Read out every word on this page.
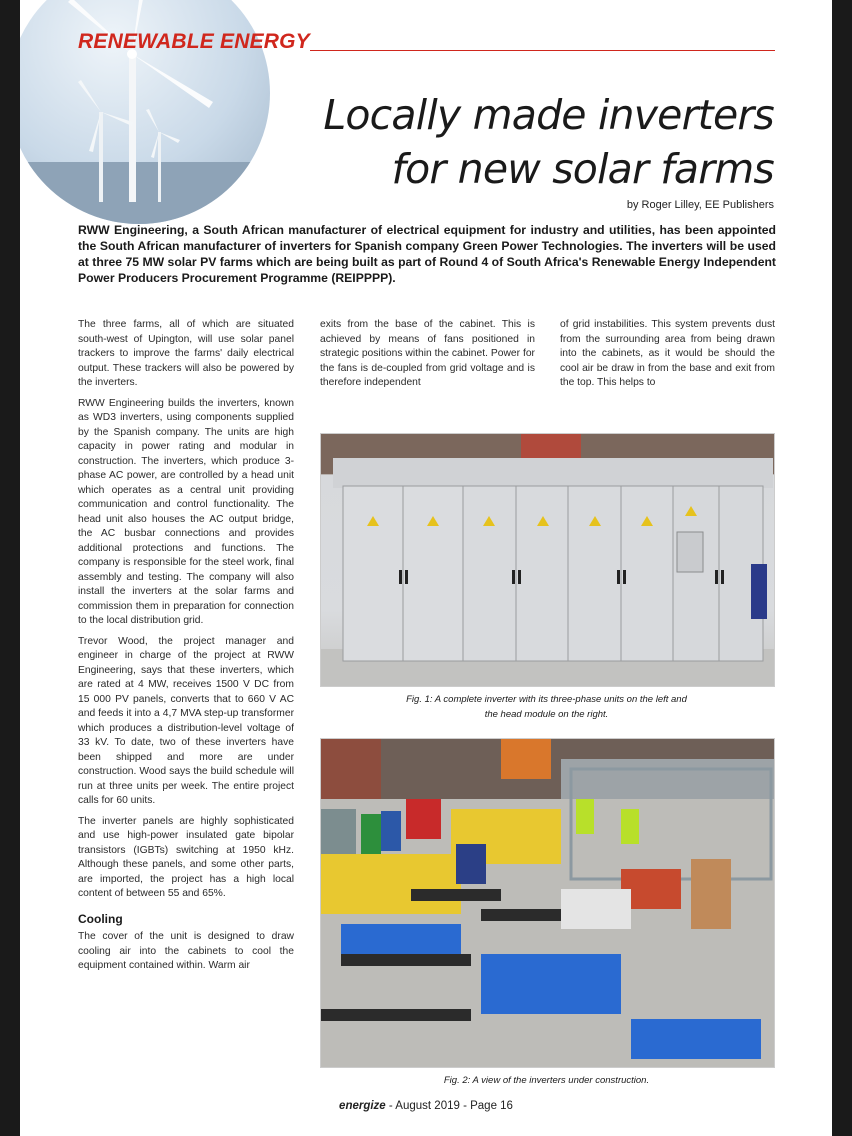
RENEWABLE ENERGY
Locally made inverters
for new solar farms
by Roger Lilley, EE Publishers
RWW Engineering, a South African manufacturer of electrical equipment for industry and utilities, has been appointed the South African manufacturer of inverters for Spanish company Green Power Technologies. The inverters will be used at three 75 MW solar PV farms which are being built as part of Round 4 of South Africa's Renewable Energy Independent Power Producers Procurement Programme (REIPPPP).

The three farms, all of which are situated south-west of Upington, will use solar panel trackers to improve the farms' daily electrical output. These trackers will also be powered by the inverters.

RWW Engineering builds the inverters, known as WD3 inverters, using components supplied by the Spanish company. The units are high capacity in power rating and modular in construction. The inverters, which produce 3-phase AC power, are controlled by a head unit which operates as a central unit providing communication and control functionality. The head unit also houses the AC output bridge, the AC busbar connections and provides additional protections and functions. The company is responsible for the steel work, final assembly and testing. The company will also install the inverters at the solar farms and commission them in preparation for connection to the local distribution grid.

Trevor Wood, the project manager and engineer in charge of the project at RWW Engineering, says that these inverters, which are rated at 4 MW, receives 1500 V DC from 15 000 PV panels, converts that to 660 V AC and feeds it into a 4,7 MVA step-up transformer which produces a distribution-level voltage of 33 kV. To date, two of these inverters have been shipped and more are under construction. Wood says the build schedule will run at three units per week. The entire project calls for 60 units.

The inverter panels are highly sophisticated and use high-power insulated gate bipolar transistors (IGBTs) switching at 1950 kHz. Although these panels, and some other parts, are imported, the project has a high local content of between 55 and 65%.

Cooling

The cover of the unit is designed to draw cooling air into the cabinets to cool the equipment contained within. Warm air

exits from the base of the cabinet. This is achieved by means of fans positioned in strategic positions within the cabinet. Power for the fans is de-coupled from grid voltage and is therefore independent

of grid instabilities. This system prevents dust from the surrounding area from being drawn into the cabinets, as it would be should the cool air be draw in from the base and exit from the top. This helps to

Fig. 1: A complete inverter with its three-phase units on the left and
the head module on the right.
Fig. 2: A view of the inverters under construction.
energize - August 2019 - Page 16
